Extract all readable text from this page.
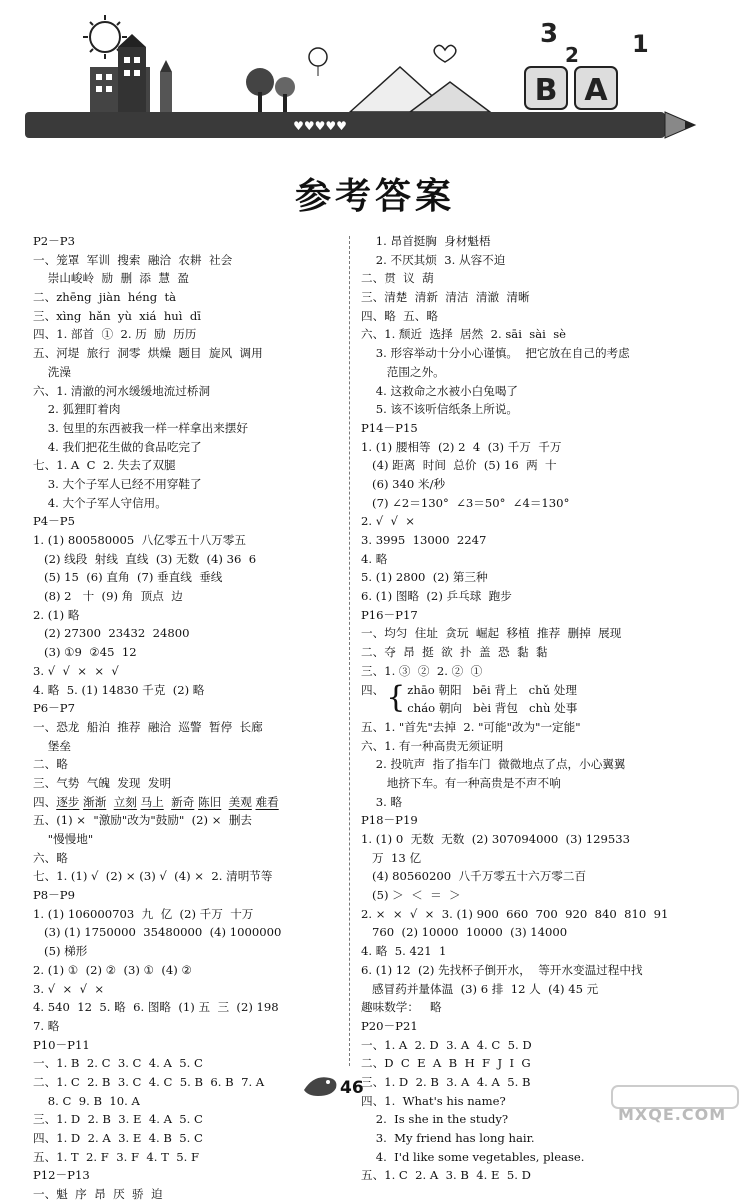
B A
3
2 1
♥♥♥♥♥
参考答案
P2－P3
一、笼罩  军训  搜索  融洽  农耕  社会
崇山峻岭  励  删  添  慧  盈
二、zhēng  jiàn  héng  tà
三、xìng  hǎn  yù  xiá  huì  dī
四、1. 部首  ①  2. 历  励  历历
五、河堤  旅行  洞零  烘燥  题目  旋风  调用
洗澡
六、1. 清澈的河水缓缓地流过桥洞
2. 狐狸盯着肉
3. 包里的东西被我一样一样拿出来摆好
4. 我们把花生做的食品吃完了
七、1. A  C  2. 失去了双腿
3. 大个子军人已经不用穿鞋了
4. 大个子军人守信用。
P4－P5
1. (1) 800580005  八亿零五十八万零五
(2) 线段  射线  直线  (3) 无数  (4) 36  6
(5) 15  (6) 直角  (7) 垂直线  垂线
(8) 2   十  (9) 角  顶点  边
2. (1) 略
(2) 27300  23432  24800
(3) ①9  ②45  12
3. √  √  ×  ×  √
4. 略  5. (1) 14830 千克  (2) 略
P6－P7
一、恐龙  船泊  推荐  融洽  巡警  暂停  长廊
堡垒
二、略
三、气势  气魄  发现  发明
四、逐步 渐渐 立刻 马上 新奇 陈旧 美观 难看
五、(1) ×  "激励"改为"鼓励"  (2) ×  删去
"慢慢地"
六、略
七、1. (1) √  (2) × (3) √  (4) ×  2. 清明节等
P8－P9
1. (1) 106000703  九  亿  (2) 千万  十万
(3) (1) 1750000  35480000  (4) 1000000
(5) 梯形
2. (1) ①  (2) ②  (3) ①  (4) ②
3. √  ×  √  ×
4. 540  12  5. 略  6. 图略  (1) 五  三  (2) 198
7. 略
P10－P11
一、1. B  2. C  3. C  4. A  5. C
二、1. C  2. B  3. C  4. C  5. B  6. B  7. A
8. C  9. B  10. A
三、1. D  2. B  3. E  4. A  5. C
四、1. D  2. A  3. E  4. B  5. C
五、1. T  2. F  3. F  4. T  5. F
P12－P13
一、魁  序  昂  厌  骄  迫
1. 昂首挺胸  身材魁梧
2. 不厌其烦  3. 从容不迫
二、贯  议  葫
三、清楚  清新  清洁  清澈  清晰
四、略  五、略
六、1. 颓近  选择  居然  2. sāi  sài  sè
3. 形容举动十分小心谨慎。  把它放在自己的考虑
范围之外。
4. 这救命之水被小白兔喝了
5. 该不该听信纸条上所说。
P14－P15
1. (1) 腰相等  (2) 2  4  (3) 千万  千万
(4) 距离  时间  总价  (5) 16  两  十
(6) 340 米/秒
(7) ∠2＝130°  ∠3＝50°  ∠4＝130°
2. √  √  ×
3. 3995  13000  2247
4. 略
5. (1) 2800  (2) 第三种
6. (1) 图略  (2) 乒乓球  跑步
P16－P17
一、均匀  住址  贪玩  崛起  移植  推荐  删掉  展现
二、夺  昂  挺  欲  扑  盖  恐  黏  黏
三、1. ③  ②  2. ②  ①
四、{ zhāo 朝阳   bēi 背上   chǔ 处理
cháo 朝向   bèi 背包   chù 处事
五、1. "首先"去掉  2. "可能"改为"一定能"
六、1. 有一种高贵无须证明
2. 投吭声  指了指车门  微微地点了点，小心翼翼
地挤下车。有一种高贵是不声不响
3. 略
P18－P19
1. (1) 0  无数  无数  (2) 307094000  (3) 129533
万  13 亿
(4) 80560200  八千万零五十六万零二百
(5) ＞  ＜  ＝  ＞
2. ×  ×  √  ×  3. (1) 900  660  700  920  840  810  91
760  (2) 10000  10000  (3) 14000
4. 略  5. 421  1
6. (1) 12  (2) 先找杯子倒开水，  等开水变温过程中找
感冒药并量体温  (3) 6 排  12 人  (4) 45 元
趣味数学：   略
P20－P21
一、1. A  2. D  3. A  4. C  5. D
二、D  C  E  A  B  H  F  J  I  G
三、1. D  2. B  3. A  4. A  5. B
四、1.  What's his name?
2.  Is she in the study?
3.  My friend has long hair.
4.  I'd like some vegetables, please.
五、1. C  2. A  3. B  4. E  5. D
46
MXQE.COM
